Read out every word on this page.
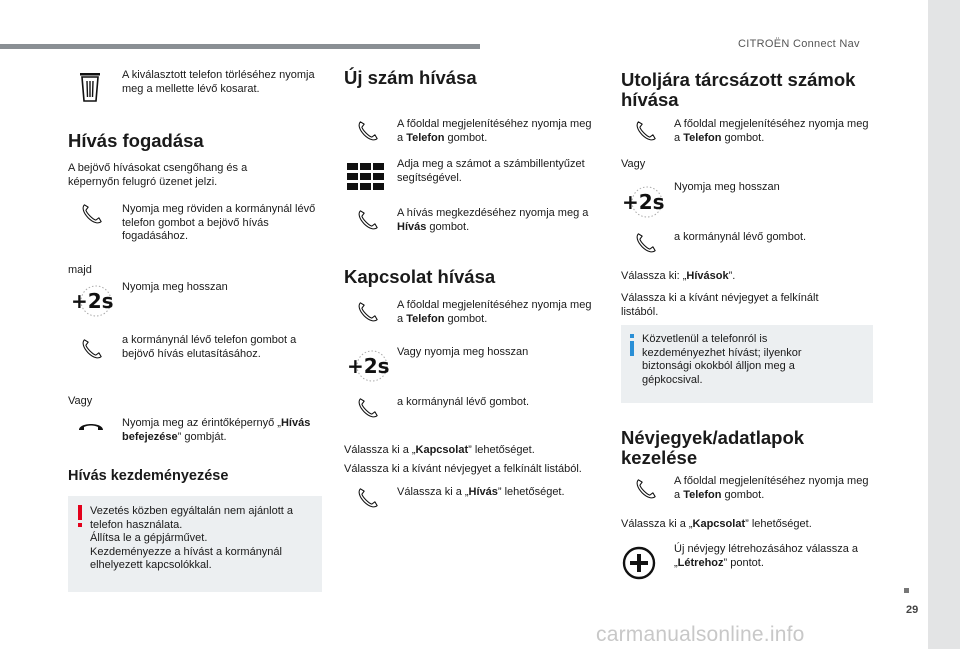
CITROËN Connect Nav
29
carmanualsonline.info
A kiválasztott telefon törléséhez nyomja meg a mellette lévő kosarat.
Hívás fogadása
A bejövő hívásokat csengőhang és a képernyőn felugró üzenet jelzi.
Nyomja meg röviden a kormánynál lévő telefon gombot a bejövő hívás fogadásához.
majd
Nyomja meg hosszan
a kormánynál lévő telefon gombot a bejövő hívás elutasításához.
Vagy
Nyomja meg az érintőképernyő „Hívás befejezése” gombját.
Hívás kezdeményezése
Vezetés közben egyáltalán nem ajánlott a
telefon használata.
Állítsa le a gépjárművet.
Kezdeményezze a hívást a kormánynál
elhelyezett kapcsolókkal.
Új szám hívása
A főoldal megjelenítéséhez nyomja meg a Telefon gombot.
Adja meg a számot a számbillentyűzet segítségével.
A hívás megkezdéséhez nyomja meg a Hívás gombot.
Kapcsolat hívása
A főoldal megjelenítéséhez nyomja meg a Telefon gombot.
Vagy nyomja meg hosszan
a kormánynál lévő gombot.
Válassza ki a „Kapcsolat” lehetőséget.
Válassza ki a kívánt névjegyet a felkínált listából.
Válassza ki a „Hívás” lehetőséget.
Utoljára tárcsázott számok
hívása
A főoldal megjelenítéséhez nyomja meg a Telefon gombot.
Vagy
Nyomja meg hosszan
a kormánynál lévő gombot.
Válassza ki: „Hívások”.
Válassza ki a kívánt névjegyet a felkínált listából.
Közvetlenül a telefonról is
kezdeményezhet hívást; ilyenkor
biztonsági okokból álljon meg a
gépkocsival.
Névjegyek/adatlapok
kezelése
A főoldal megjelenítéséhez nyomja meg a Telefon gombot.
Válassza ki a „Kapcsolat” lehetőséget.
Új névjegy létrehozásához válassza a „Létrehoz” pontot.
